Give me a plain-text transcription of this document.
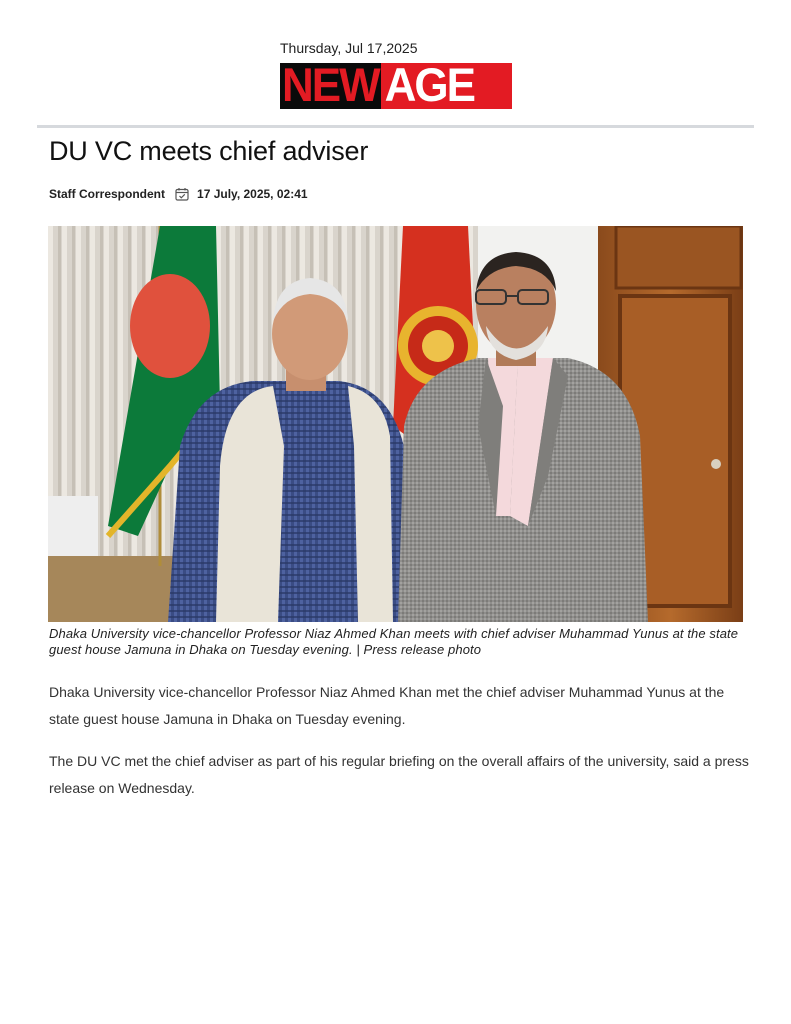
Thursday, Jul 17,2025
NEW AGE
DU VC meets chief adviser
Staff Correspondent	17 July, 2025, 02:41
Dhaka University vice-chancellor Professor Niaz Ahmed Khan meets with chief adviser Muhammad Yunus at the state guest house Jamuna in Dhaka on Tuesday evening. | Press release photo

Dhaka University vice-chancellor Professor Niaz Ahmed Khan met the chief adviser Muhammad Yunus at the state guest house Jamuna in Dhaka on Tuesday evening.

The DU VC met the chief adviser as part of his regular briefing on the overall affairs of the university, said a press release on Wednesday.
